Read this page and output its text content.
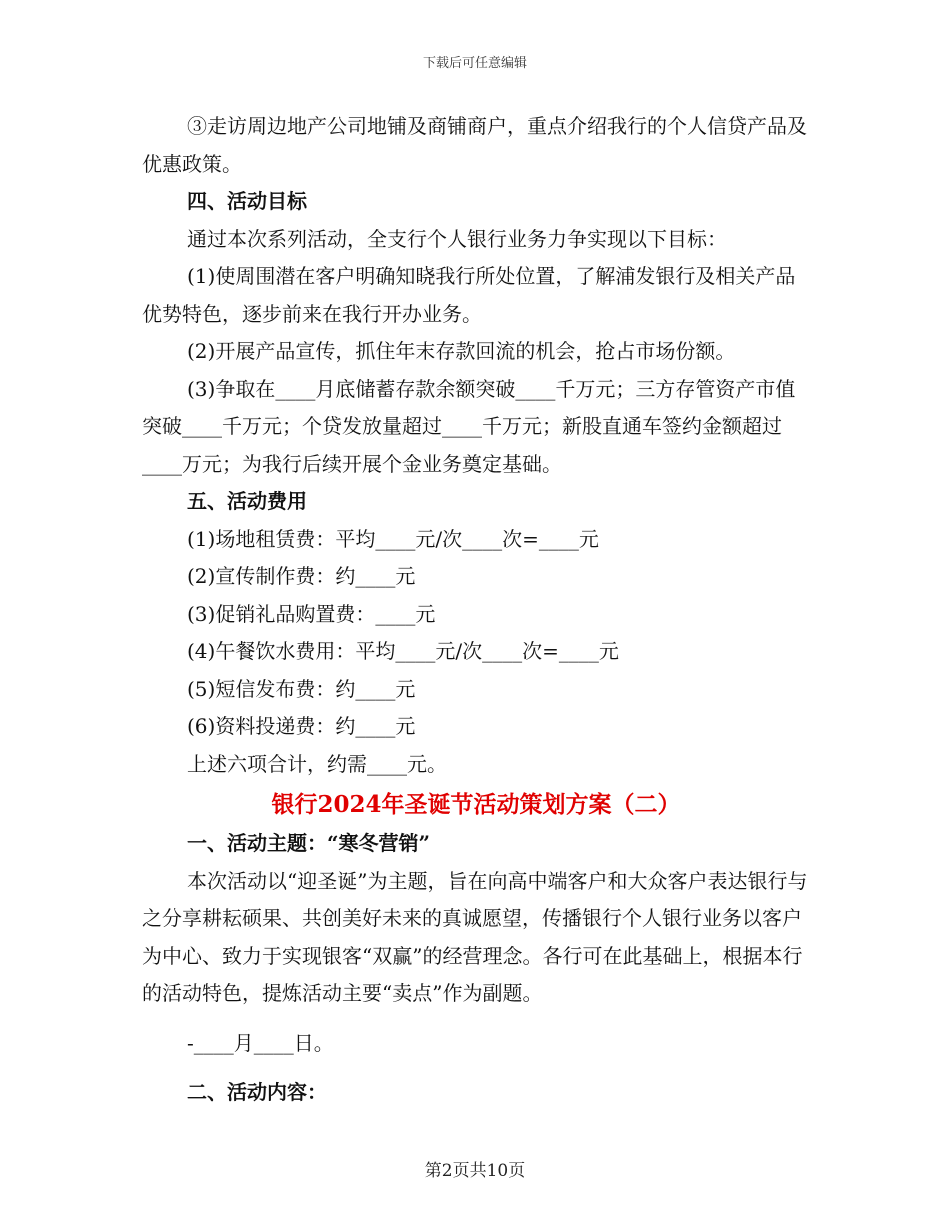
下载后可任意编辑

③走访周边地产公司地铺及商铺商户，重点介绍我行的个人信贷产品及优惠政策。

四、活动目标

通过本次系列活动，全支行个人银行业务力争实现以下目标：

(1)使周围潜在客户明确知晓我行所处位置，了解浦发银行及相关产品优势特色，逐步前来在我行开办业务。

(2)开展产品宣传，抓住年末存款回流的机会，抢占市场份额。

(3)争取在____月底储蓄存款余额突破____千万元；三方存管资产市值突破____千万元；个贷发放量超过____千万元；新股直通车签约金额超过____万元；为我行后续开展个金业务奠定基础。

五、活动费用

(1)场地租赁费：平均____元/次____次=____元

(2)宣传制作费：约____元

(3)促销礼品购置费：____元

(4)午餐饮水费用：平均____元/次____次=____元

(5)短信发布费：约____元

(6)资料投递费：约____元

上述六项合计，约需____元。

银行2024年圣诞节活动策划方案（二）

一、活动主题：“寒冬营销”

本次活动以“迎圣诞”为主题，旨在向高中端客户和大众客户表达银行与之分享耕耘硕果、共创美好未来的真诚愿望，传播银行个人银行业务以客户为中心、致力于实现银客“双赢”的经营理念。各行可在此基础上，根据本行的活动特色，提炼活动主要“卖点”作为副题。

-____月____日。

二、活动内容：

第2页共10页
